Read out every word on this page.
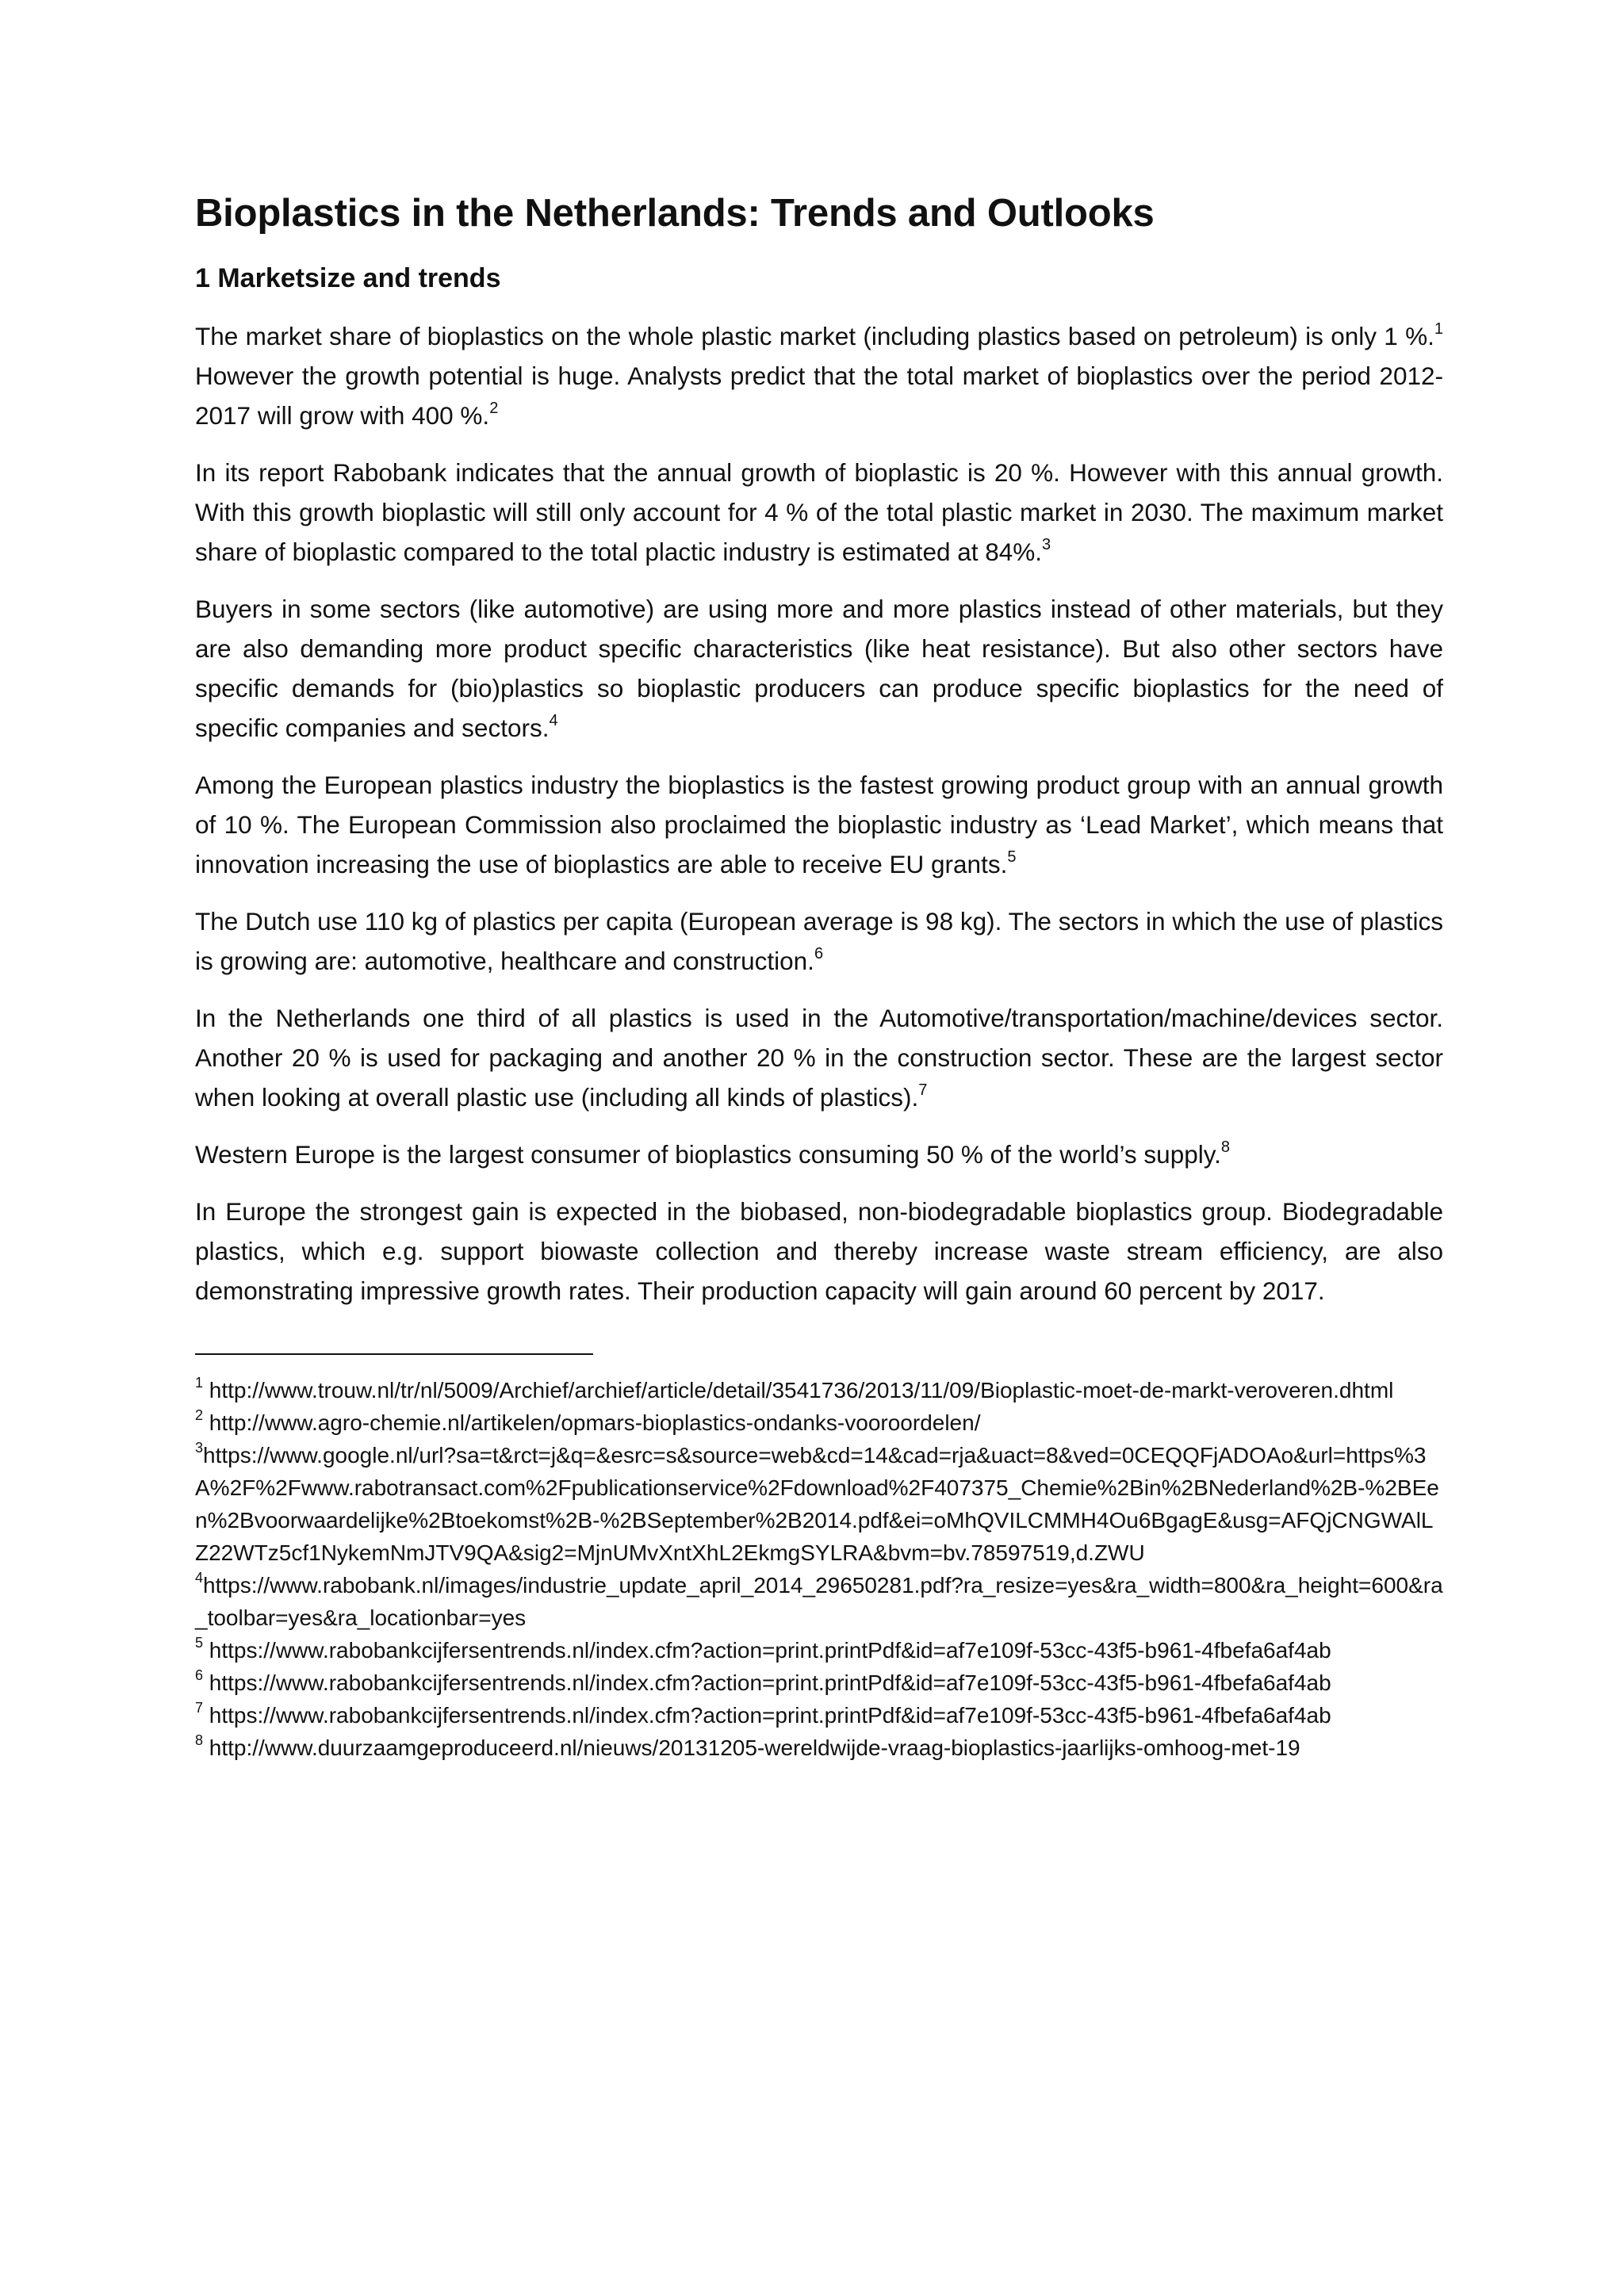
Bioplastics in the Netherlands: Trends and Outlooks
1 Marketsize and trends

The market share of bioplastics on the whole plastic market (including plastics based on petroleum) is only 1 %.$^1$ However the growth potential is huge. Analysts predict that the total market of bioplastics over the period 2012-2017 will grow with 400 %.$^2$

In its report Rabobank indicates that the annual growth of bioplastic is 20 %. However with this annual growth. With this growth bioplastic will still only account for 4 % of the total plastic market in 2030. The maximum market share of bioplastic compared to the total plactic industry is estimated at 84%.$^3$

Buyers in some sectors (like automotive) are using more and more plastics instead of other materials, but they are also demanding more product specific characteristics (like heat resistance). But also other sectors have specific demands for (bio)plastics so bioplastic producers can produce specific bioplastics for the need of specific companies and sectors.$^4$

Among the European plastics industry the bioplastics is the fastest growing product group with an annual growth of 10 %. The European Commission also proclaimed the bioplastic industry as ‘Lead Market’, which means that innovation increasing the use of bioplastics are able to receive EU grants.$^5$

The Dutch use 110 kg of plastics per capita (European average is 98 kg). The sectors in which the use of plastics is growing are: automotive, healthcare and construction.$^6$

In the Netherlands one third of all plastics is used in the Automotive/transportation/machine/devices sector. Another 20 % is used for packaging and another 20 % in the construction sector. These are the largest sector when looking at overall plastic use (including all kinds of plastics).$^7$

Western Europe is the largest consumer of bioplastics consuming 50 % of the world’s supply.$^8$

In Europe the strongest gain is expected in the biobased, non-biodegradable bioplastics group. Biodegradable plastics, which e.g. support biowaste collection and thereby increase waste stream efficiency, are also demonstrating impressive growth rates. Their production capacity will gain around 60 percent by 2017.

$^1$ http://www.trouw.nl/tr/nl/5009/Archief/archief/article/detail/3541736/2013/11/09/Bioplastic-moet-de-markt-veroveren.dhtml

$^2$ http://www.agro-chemie.nl/artikelen/opmars-bioplastics-ondanks-vooroordelen/

$^3$https://www.google.nl/url?sa=t&rct=j&q=&esrc=s&source=web&cd=14&cad=rja&uact=8&ved=0CEQQFjADOAo&url=https%3A%2F%2Fwww.rabotransact.com%2Fpublicationservice%2Fdownload%2F407375_Chemie%2Bin%2BNederland%2B-%2BEen%2Bvoorwaardelijke%2Btoekomst%2B-%2BSeptember%2B2014.pdf&ei=oMhQVILCMMH4Ou6BgagE&usg=AFQjCNGWAlLZ22WTz5cf1NykemNmJTV9QA&sig2=MjnUMvXntXhL2EkmgSYLRA&bvm=bv.78597519,d.ZWU

$^4$https://www.rabobank.nl/images/industrie_update_april_2014_29650281.pdf?ra_resize=yes&ra_width=800&ra_height=600&ra_toolbar=yes&ra_locationbar=yes

$^5$ https://www.rabobankcijfersentrends.nl/index.cfm?action=print.printPdf&id=af7e109f-53cc-43f5-b961-4fbefa6af4ab

$^6$ https://www.rabobankcijfersentrends.nl/index.cfm?action=print.printPdf&id=af7e109f-53cc-43f5-b961-4fbefa6af4ab

$^7$ https://www.rabobankcijfersentrends.nl/index.cfm?action=print.printPdf&id=af7e109f-53cc-43f5-b961-4fbefa6af4ab

$^8$ http://www.duurzaamgeproduceerd.nl/nieuws/20131205-wereldwijde-vraag-bioplastics-jaarlijks-omhoog-met-19
